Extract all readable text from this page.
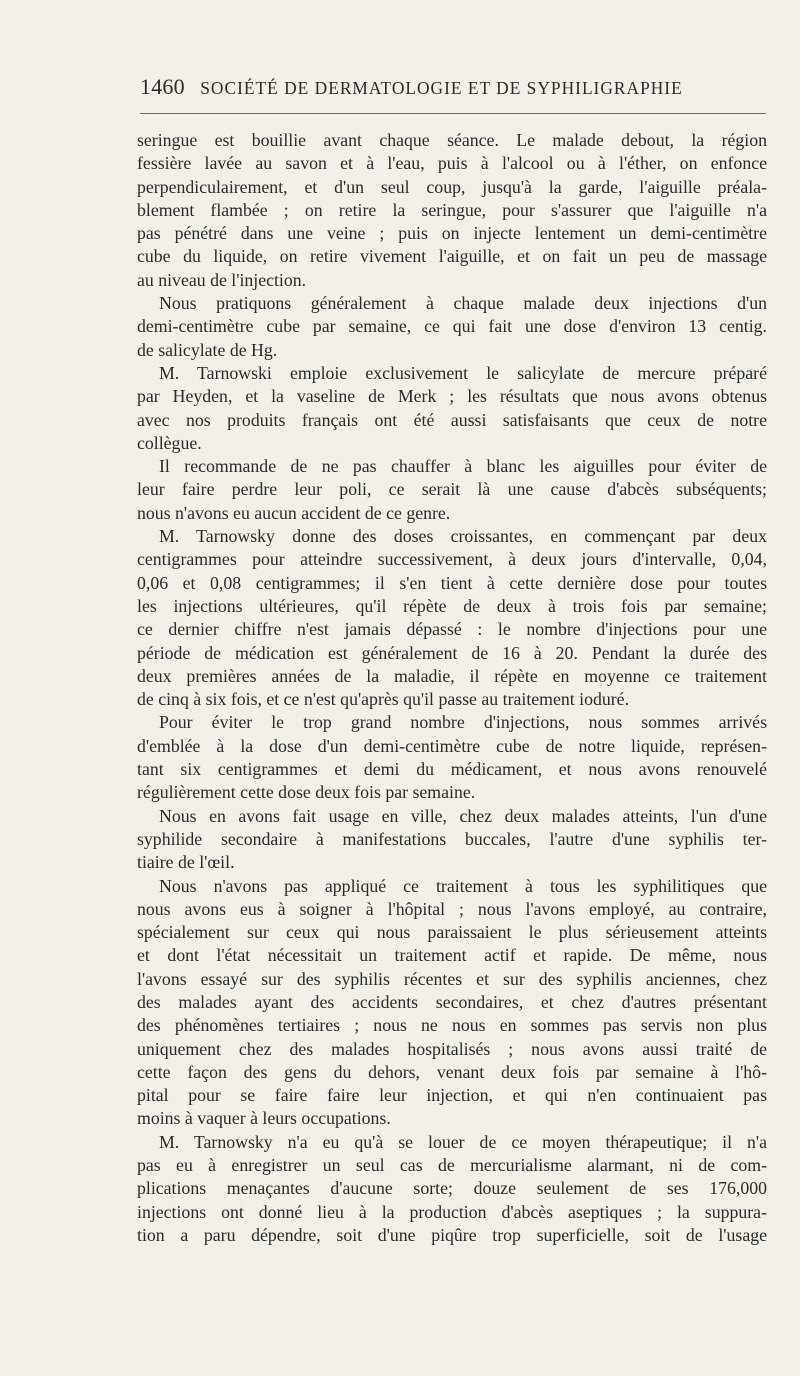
1460 SOCIÉTÉ DE DERMATOLOGIE ET DE SYPHILIGRAPHIE
seringue est bouillie avant chaque séance. Le malade debout, la région
fessière lavée au savon et à l'eau, puis à l'alcool ou à l'éther, on enfonce
perpendiculairement, et d'un seul coup, jusqu'à la garde, l'aiguille préala-
blement flambée ; on retire la seringue, pour s'assurer que l'aiguille n'a
pas pénétré dans une veine ; puis on injecte lentement un demi-centimètre
cube du liquide, on retire vivement l'aiguille, et on fait un peu de massage
au niveau de l'injection.
Nous pratiquons généralement à chaque malade deux injections d'un
demi-centimètre cube par semaine, ce qui fait une dose d'environ 13 centig.
de salicylate de Hg.
M. Tarnowski emploie exclusivement le salicylate de mercure préparé
par Heyden, et la vaseline de Merk ; les résultats que nous avons obtenus
avec nos produits français ont été aussi satisfaisants que ceux de notre
collègue.
Il recommande de ne pas chauffer à blanc les aiguilles pour éviter de
leur faire perdre leur poli, ce serait là une cause d'abcès subséquents;
nous n'avons eu aucun accident de ce genre.
M. Tarnowsky donne des doses croissantes, en commençant par deux
centigrammes pour atteindre successivement, à deux jours d'intervalle, 0,04,
0,06 et 0,08 centigrammes; il s'en tient à cette dernière dose pour toutes
les injections ultérieures, qu'il répète de deux à trois fois par semaine;
ce dernier chiffre n'est jamais dépassé : le nombre d'injections pour une
période de médication est généralement de 16 à 20. Pendant la durée des
deux premières années de la maladie, il répète en moyenne ce traitement
de cinq à six fois, et ce n'est qu'après qu'il passe au traitement ioduré.
Pour éviter le trop grand nombre d'injections, nous sommes arrivés
d'emblée à la dose d'un demi-centimètre cube de notre liquide, représen-
tant six centigrammes et demi du médicament, et nous avons renouvelé
régulièrement cette dose deux fois par semaine.
Nous en avons fait usage en ville, chez deux malades atteints, l'un d'une
syphilide secondaire à manifestations buccales, l'autre d'une syphilis ter-
tiaire de l'œil.
Nous n'avons pas appliqué ce traitement à tous les syphilitiques que
nous avons eus à soigner à l'hôpital ; nous l'avons employé, au contraire,
spécialement sur ceux qui nous paraissaient le plus sérieusement atteints
et dont l'état nécessitait un traitement actif et rapide. De même, nous
l'avons essayé sur des syphilis récentes et sur des syphilis anciennes, chez
des malades ayant des accidents secondaires, et chez d'autres présentant
des phénomènes tertiaires ; nous ne nous en sommes pas servis non plus
uniquement chez des malades hospitalisés ; nous avons aussi traité de
cette façon des gens du dehors, venant deux fois par semaine à l'hô-
pital pour se faire faire leur injection, et qui n'en continuaient pas
moins à vaquer à leurs occupations.
M. Tarnowsky n'a eu qu'à se louer de ce moyen thérapeutique; il n'a
pas eu à enregistrer un seul cas de mercurialisme alarmant, ni de com-
plications menaçantes d'aucune sorte; douze seulement de ses 176,000
injections ont donné lieu à la production d'abcès aseptiques ; la suppura-
tion a paru dépendre, soit d'une piqûre trop superficielle, soit de l'usage
